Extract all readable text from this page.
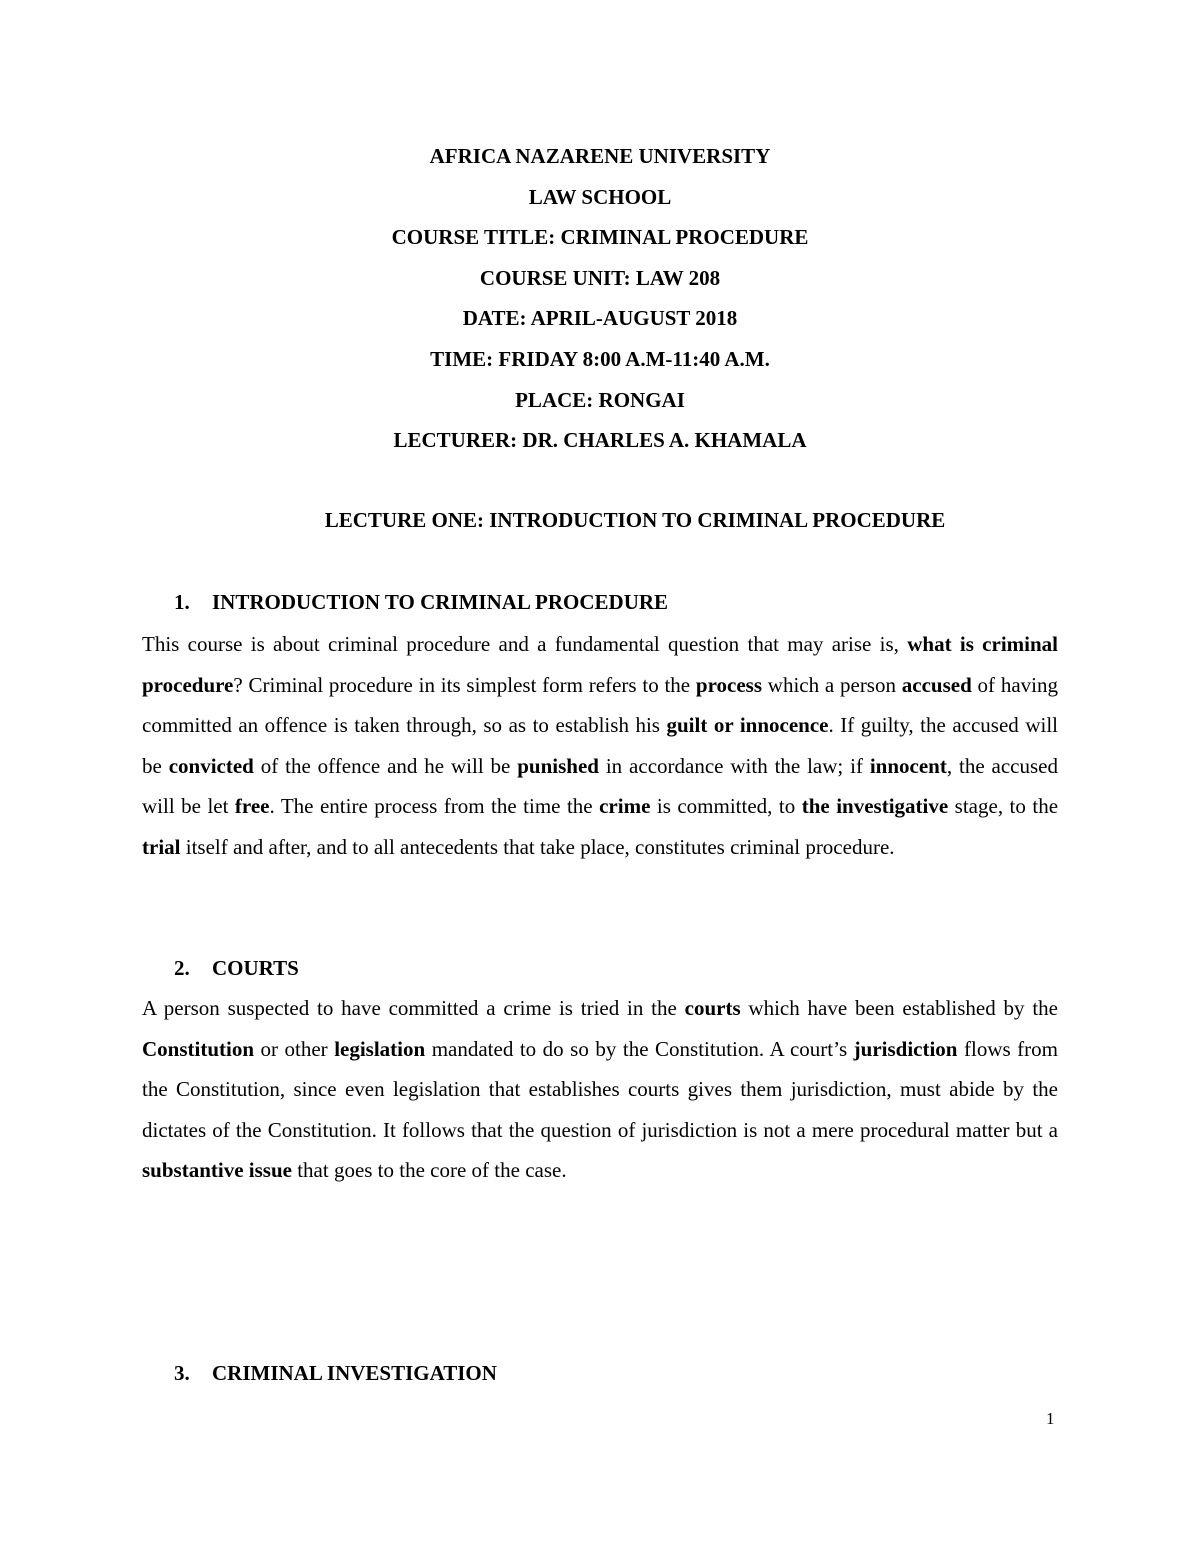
AFRICA NAZARENE UNIVERSITY
LAW SCHOOL
COURSE TITLE: CRIMINAL PROCEDURE
COURSE UNIT: LAW 208
DATE: APRIL-AUGUST 2018
TIME: FRIDAY 8:00 A.M-11:40 A.M.
PLACE: RONGAI
LECTURER: DR. CHARLES A. KHAMALA
LECTURE ONE: INTRODUCTION TO CRIMINAL PROCEDURE
1. INTRODUCTION TO CRIMINAL PROCEDURE
This course is about criminal procedure and a fundamental question that may arise is, what is criminal procedure? Criminal procedure in its simplest form refers to the process which a person accused of having committed an offence is taken through, so as to establish his guilt or innocence. If guilty, the accused will be convicted of the offence and he will be punished in accordance with the law; if innocent, the accused will be let free. The entire process from the time the crime is committed, to the investigative stage, to the trial itself and after, and to all antecedents that take place, constitutes criminal procedure.
2. COURTS
A person suspected to have committed a crime is tried in the courts which have been established by the Constitution or other legislation mandated to do so by the Constitution. A court’s jurisdiction flows from the Constitution, since even legislation that establishes courts gives them jurisdiction, must abide by the dictates of the Constitution. It follows that the question of jurisdiction is not a mere procedural matter but a substantive issue that goes to the core of the case.
3. CRIMINAL INVESTIGATION
1
